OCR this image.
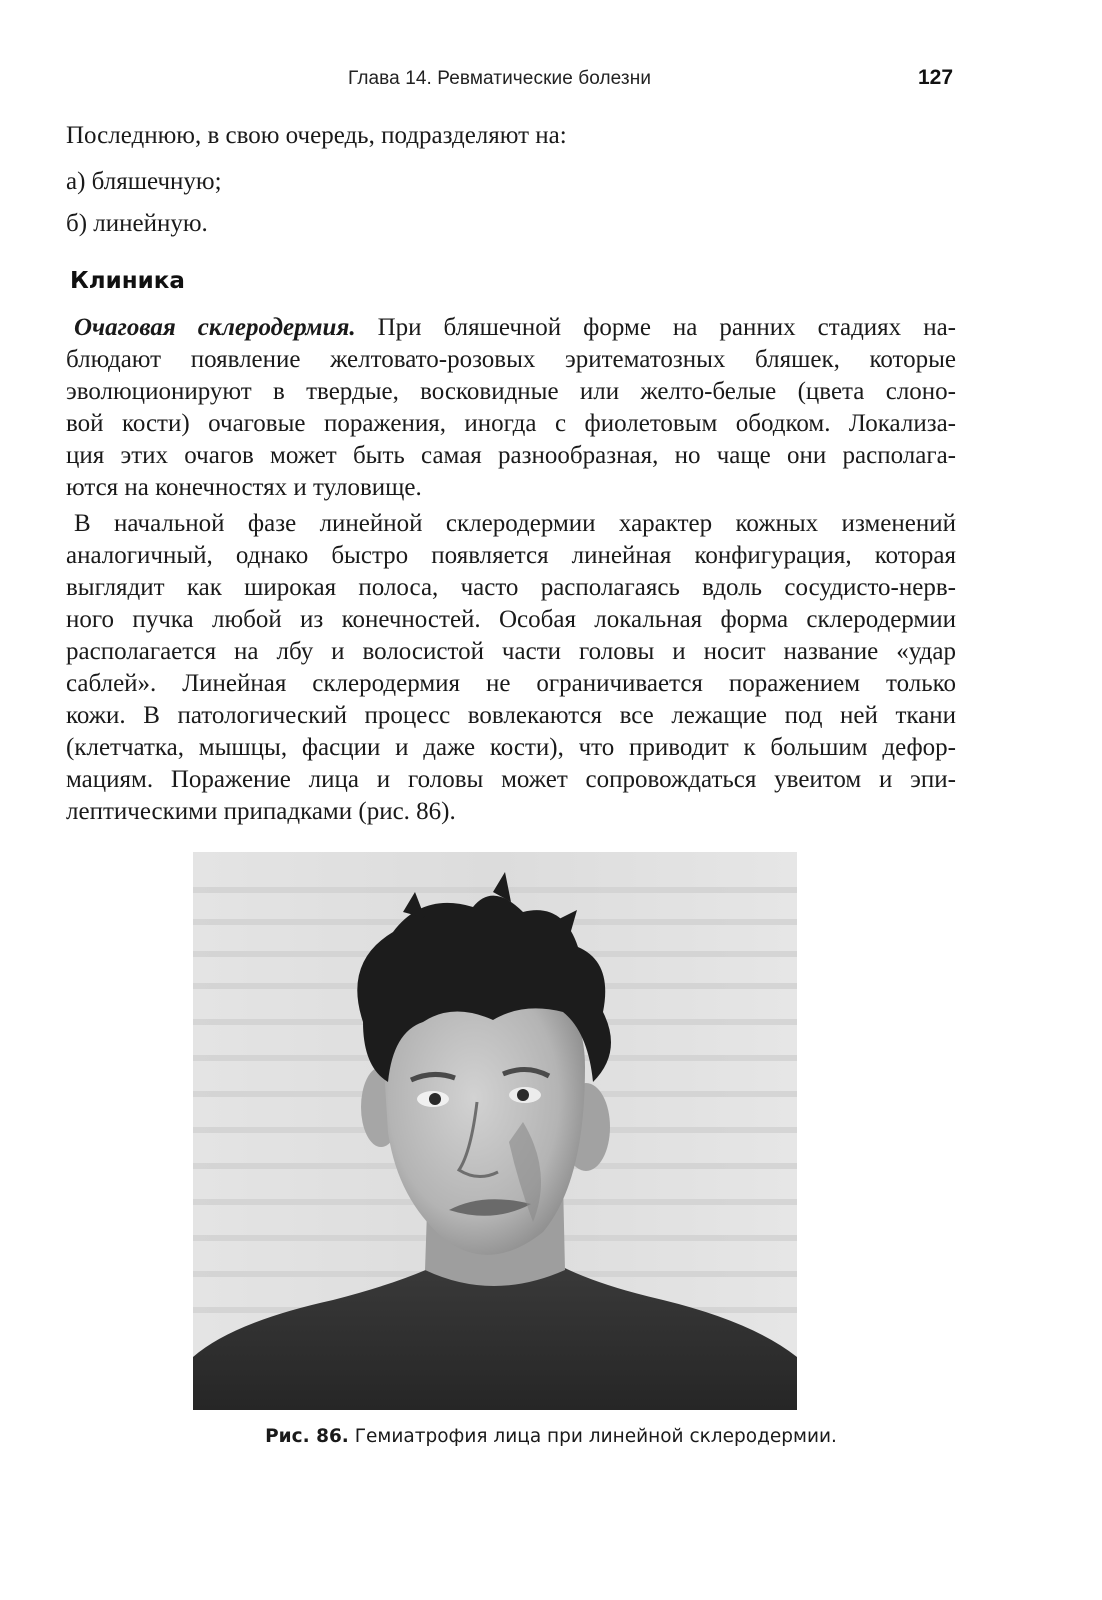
Глава 14. Ревматические болезни	127
Последнюю, в свою очередь, подразделяют на:
а) бляшечную;
б) линейную.
Клиника
Очаговая склеродермия. При бляшечной форме на ранних стадиях на-
блюдают появление желтовато-розовых эритематозных бляшек, которые
эволюционируют в твердые, восковидные или желто-белые (цвета слоно-
вой кости) очаговые поражения, иногда с фиолетовым ободком. Локализа-
ция этих очагов может быть самая разнообразная, но чаще они располага-
ются на конечностях и туловище.
В начальной фазе линейной склеродермии характер кожных изменений
аналогичный, однако быстро появляется линейная конфигурация, которая
выглядит как широкая полоса, часто располагаясь вдоль сосудисто-нерв-
ного пучка любой из конечностей. Особая локальная форма склеродермии
располагается на лбу и волосистой части головы и носит название «удар
саблей». Линейная склеродермия не ограничивается поражением только
кожи. В патологический процесс вовлекаются все лежащие под ней ткани
(клетчатка, мышцы, фасции и даже кости), что приводит к большим дефор-
мациям. Поражение лица и головы может сопровождаться увеитом и эпи-
лептическими припадками (рис. 86).
Рис. 86. Гемиатрофия лица при линейной склеродермии.
